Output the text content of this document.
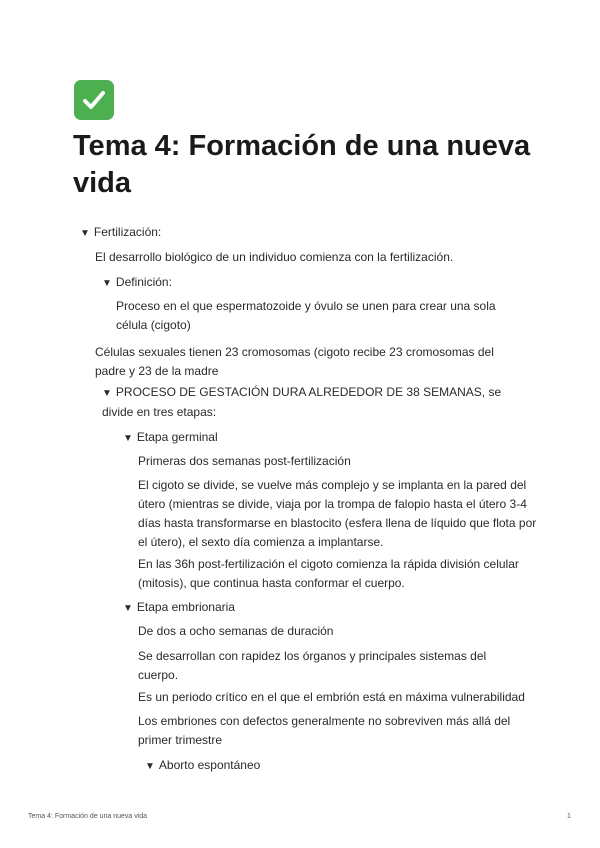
Tema 4: Formación de una nueva vida
▼ Fertilización:

El desarrollo biológico de un individuo comienza con la fertilización.

▼ Definición:

Proceso en el que espermatozoide y óvulo se unen para crear una sola célula (cigoto)

Células sexuales tienen 23 cromosomas (cigoto recibe 23 cromosomas del padre y 23 de la madre

▼ PROCESO DE GESTACIÓN DURA ALREDEDOR DE 38 SEMANAS, se divide en tres etapas:
▼ Etapa germinal

Primeras dos semanas post-fertilización

El cigoto se divide, se vuelve más complejo y se implanta en la pared del útero (mientras se divide, viaja por la trompa de falopio hasta el útero 3-4 días hasta transformarse en blastocito (esfera llena de líquido que flota por el útero), el sexto día comienza a implantarse.

En las 36h post-fertilización el cigoto comienza la rápida división celular (mitosis), que continua hasta conformar el cuerpo.

▼ Etapa embrionaria

De dos a ocho semanas de duración

Se desarrollan con rapidez los órganos y principales sistemas del cuerpo.

Es un periodo crítico en el que el embrión está en máxima vulnerabilidad

Los embriones con defectos generalmente no sobreviven más allá del primer trimestre

▼ Aborto espontáneo
Tema 4: Formación de una nueva vida	1
